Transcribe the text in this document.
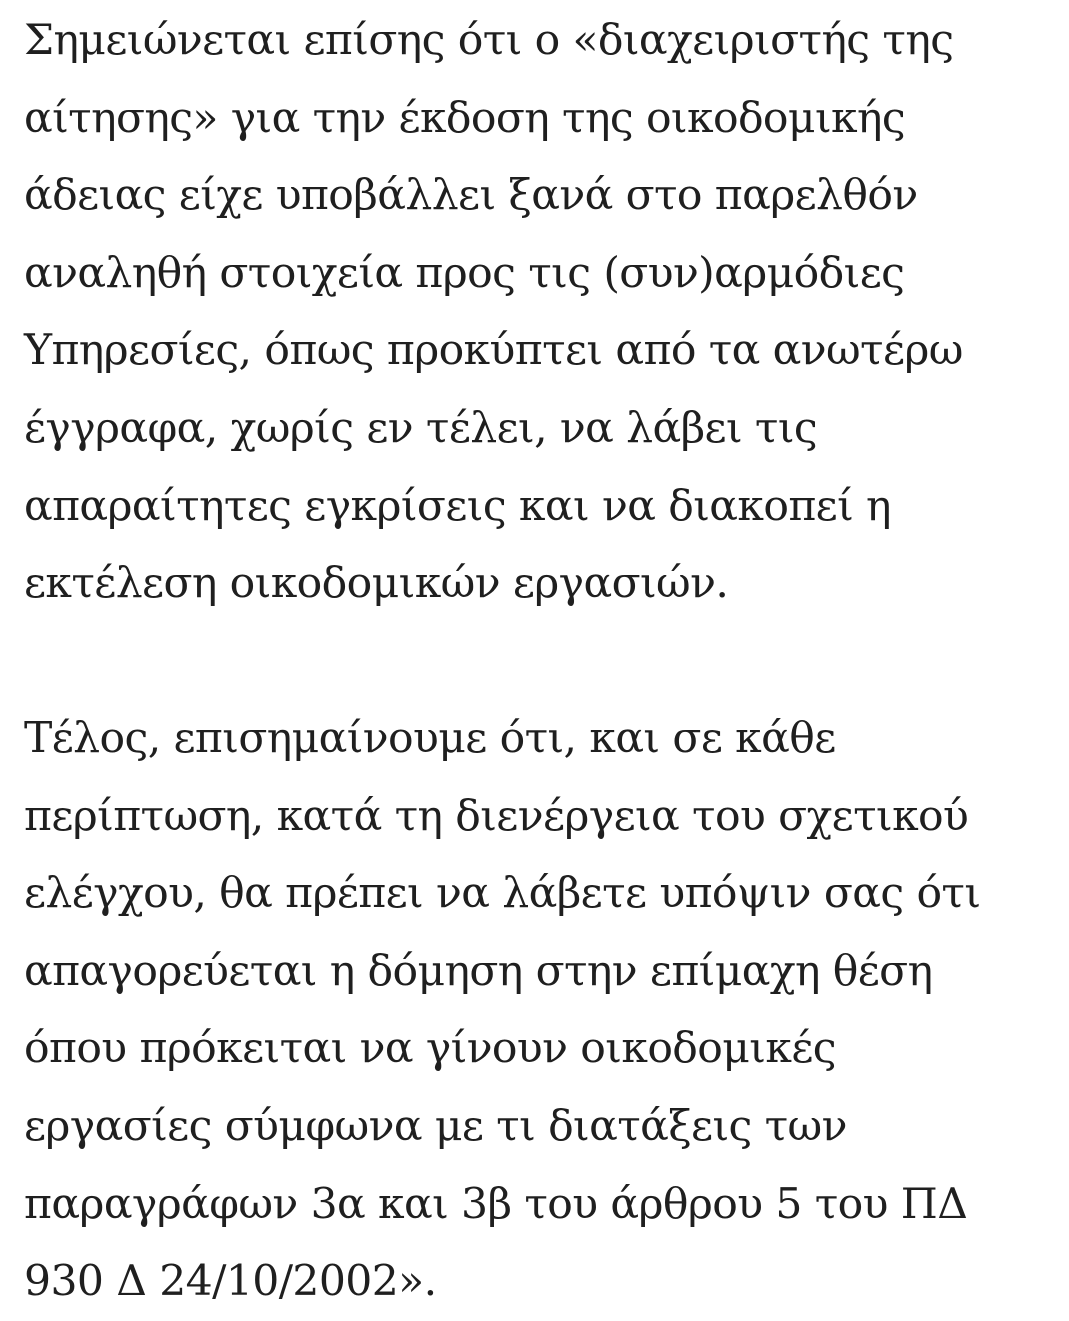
Σημειώνεται επίσης ότι ο «διαχειριστής της
αίτησης» για την έκδοση της οικοδομικής
άδειας είχε υποβάλλει ξανά στο παρελθόν
αναληθή στοιχεία προς τις (συν)αρμόδιες
Υπηρεσίες, όπως προκύπτει από τα ανωτέρω
έγγραφα, χωρίς εν τέλει, να λάβει τις
απαραίτητες εγκρίσεις και να διακοπεί η
εκτέλεση οικοδομικών εργασιών.

Τέλος, επισημαίνουμε ότι, και σε κάθε
περίπτωση, κατά τη διενέργεια του σχετικού
ελέγχου, θα πρέπει να λάβετε υπόψιν σας ότι
απαγορεύεται η δόμηση στην επίμαχη θέση
όπου πρόκειται να γίνουν οικοδομικές
εργασίες σύμφωνα με τι διατάξεις των
παραγράφων 3α και 3β του άρθρου 5 του ΠΔ
930 Δ 24/10/2002».
